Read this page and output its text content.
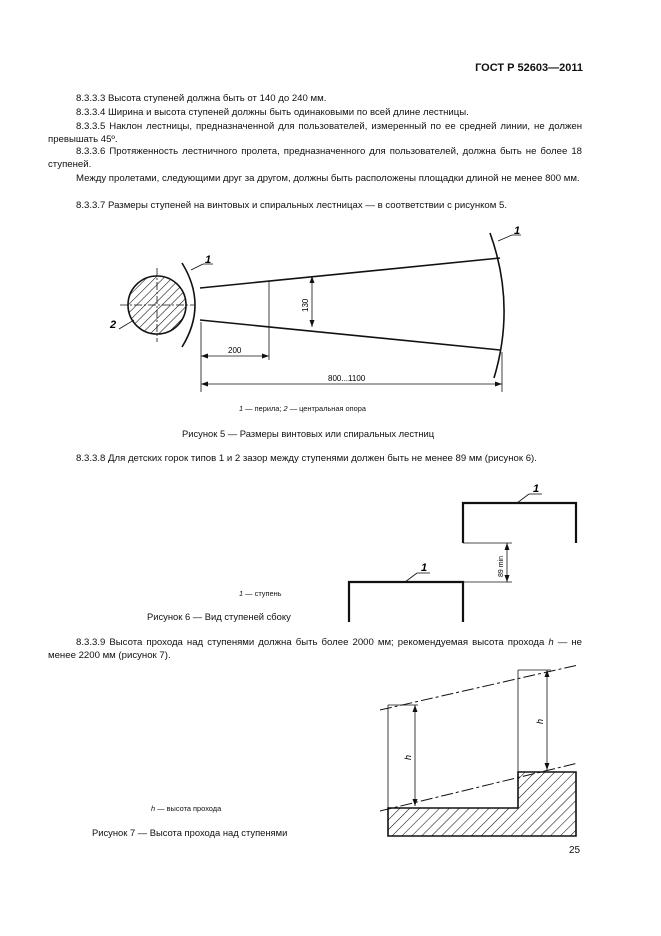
ГОСТ Р 52603—2011

8.3.3.3 Высота ступеней должна быть от 140 до 240 мм.

8.3.3.4 Ширина и высота ступеней должны быть одинаковыми по всей длине лестницы.

8.3.3.5 Наклон лестницы, предназначенной для пользователей, измеренный по ее средней линии, не должен превышать 45º.

8.3.3.6 Протяженность лестничного пролета, предназначенного для пользователей, должна быть не более 18 ступеней.

Между пролетами, следующими друг за другом, должны быть расположены площадки длиной не менее 800 мм.

8.3.3.7 Размеры ступеней на винтовых и спиральных лестницах — в соответствии с рисунком 5.

1
1
2
130
200
800...1100
1 — перила; 2 — центральная опора
Рисунок 5 — Размеры винтовых или спиральных лестниц

8.3.3.8 Для детских горок типов 1 и 2 зазор между ступенями должен быть не менее 89 мм (рисунок 6).

1
1	89 min
1 — ступень
Рисунок 6 — Вид ступеней сбоку

8.3.3.9 Высота прохода над ступенями должна быть более 2000 мм; рекомендуемая высота прохода h — не менее 2200 мм (рисунок 7).

h
h
h — высота прохода
Рисунок 7 — Высота прохода над ступенями
25
